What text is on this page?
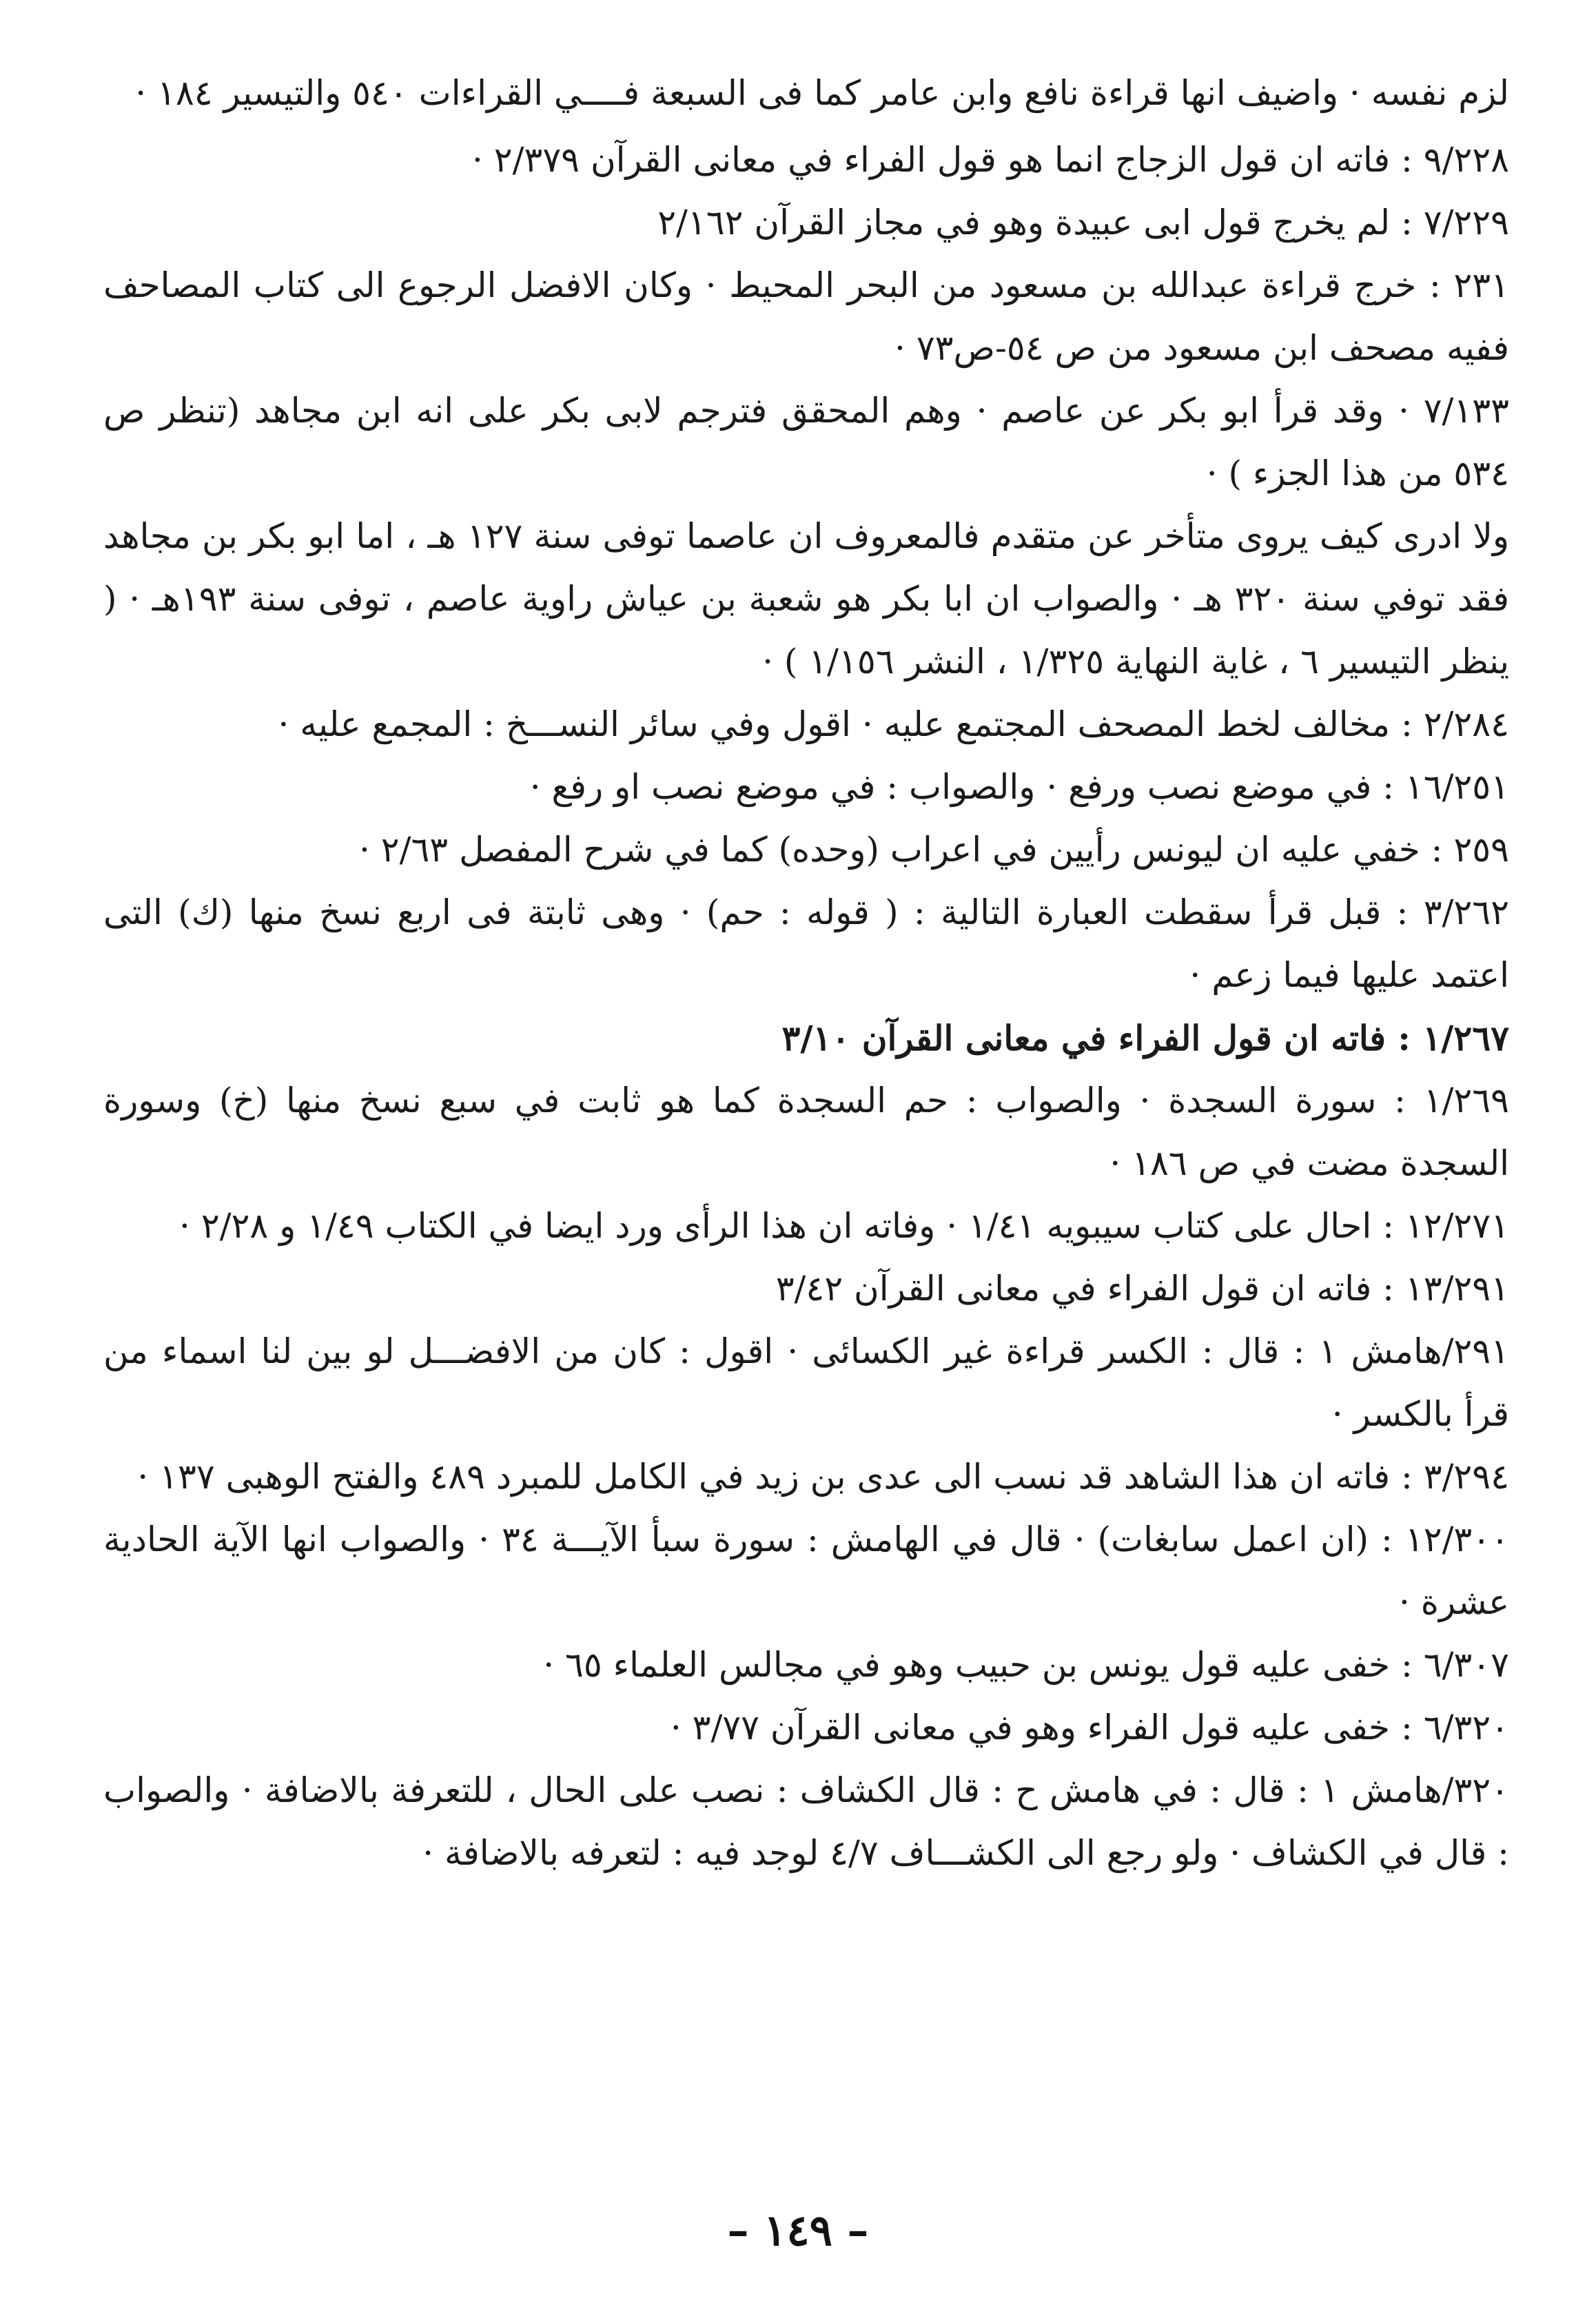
لزم نفسه · واضيف انها قراءة نافع وابن عامر كما فى السبعة فــــي القراءات ٥٤٠ والتيسير ١٨٤ ·

٩/٢٢٨ : فاته ان قول الزجاج انما هو قول الفراء في معانى القرآن ٢/٣٧٩ ·

٧/٢٢٩ : لم يخرج قول ابى عبيدة وهو في مجاز القرآن ٢/١٦٢

٢٣١ : خرج قراءة عبدالله بن مسعود من البحر المحيط · وكان الافضل الرجوع الى كتاب المصاحف ففيه مصحف ابن مسعود من ص ٥٤-ص٧٣ ·

٧/١٣٣ · وقد قرأ ابو بكر عن عاصم · وهم المحقق فترجم لابى بكر على انه ابن مجاهد (تنظر ص ٥٣٤ من هذا الجزء ) ·

ولا ادرى كيف يروى متأخر عن متقدم فالمعروف ان عاصما توفى سنة ١٢٧ هـ ، اما ابو بكر بن مجاهد فقد توفي سنة ٣٢٠ هـ · والصواب ان ابا بكر هو شعبة بن عياش راوية عاصم ، توفى سنة ١٩٣هـ · ( ينظر التيسير ٦ ، غاية النهاية ١/٣٢٥ ، النشر ١/١٥٦ ) ·

٢/٢٨٤ : مخالف لخط المصحف المجتمع عليه · اقول وفي سائر النســـخ : المجمع عليه ·

١٦/٢٥١ : في موضع نصب ورفع · والصواب : في موضع نصب او رفع ·

٢٥٩ : خفي عليه ان ليونس رأيين في اعراب (وحده) كما في شرح المفصل ٢/٦٣ ·

٣/٢٦٢ : قبل قرأ سقطت العبارة التالية : ( قوله : حم) · وهى ثابتة فى اربع نسخ منها (ك) التى اعتمد عليها فيما زعم ·

١/٢٦٧ : فاته ان قول الفراء في معانى القرآن ٣/١٠

١/٢٦٩ : سورة السجدة · والصواب : حم السجدة كما هو ثابت في سبع نسخ منها (خ) وسورة السجدة مضت في ص ١٨٦ ·

١٢/٢٧١ : احال على كتاب سيبويه ١/٤١ · وفاته ان هذا الرأى ورد ايضا في الكتاب ١/٤٩ و ٢/٢٨ ·

١٣/٢٩١ : فاته ان قول الفراء في معانى القرآن ٣/٤٢

٢٩١/هامش ١ : قال : الكسر قراءة غير الكسائى · اقول : كان من الافضـــل لو بين لنا اسماء من قرأ بالكسر ·

٣/٢٩٤ : فاته ان هذا الشاهد قد نسب الى عدى بن زيد في الكامل للمبرد ٤٨٩ والفتح الوهبى ١٣٧ ·

١٢/٣٠٠ : (ان اعمل سابغات) · قال في الهامش : سورة سبأ الآيـــة ٣٤ · والصواب انها الآية الحادية عشرة ·

٦/٣٠٧ : خفى عليه قول يونس بن حبيب وهو في مجالس العلماء ٦٥ ·

٦/٣٢٠ : خفى عليه قول الفراء وهو في معانى القرآن ٣/٧٧ ·

٣٢٠/هامش ١ : قال : في هامش ح : قال الكشاف : نصب على الحال ، للتعرفة بالاضافة · والصواب : قال في الكشاف · ولو رجع الى الكشـــاف ٤/٧ لوجد فيه : لتعرفه بالاضافة ·

– ١٤٩ –
